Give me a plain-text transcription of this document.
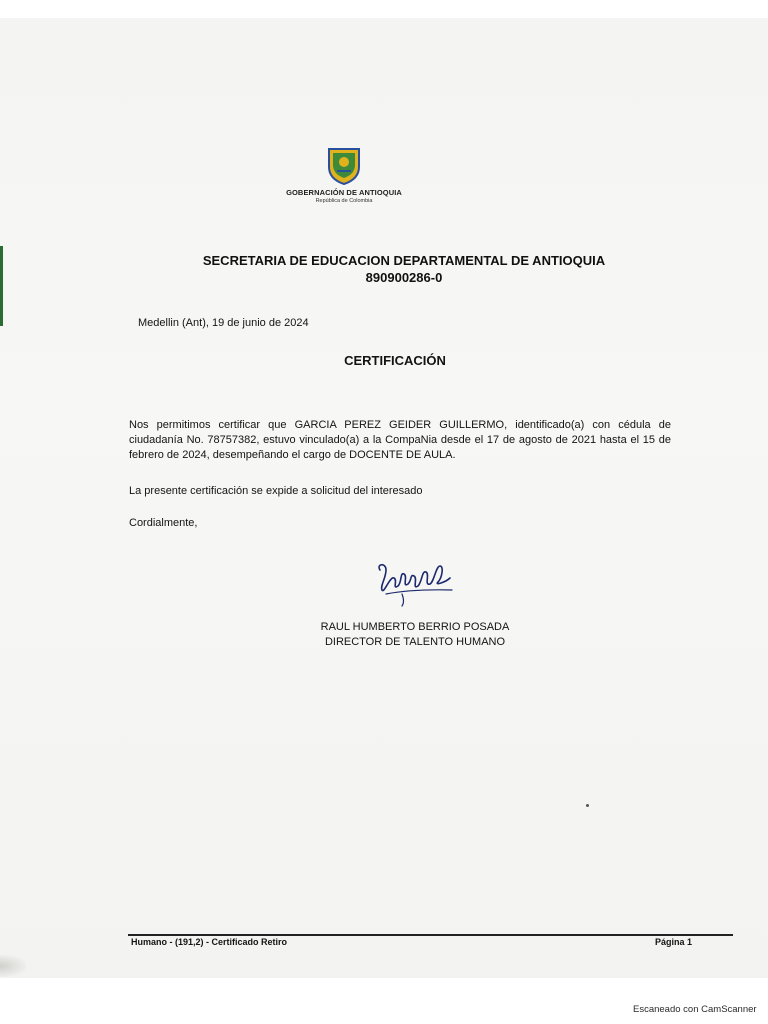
GOBERNACIÓN DE ANTIOQUIA
República de Colombia
SECRETARIA DE EDUCACION DEPARTAMENTAL DE ANTIOQUIA
890900286-0
Medellin (Ant), 19 de junio de 2024
CERTIFICACIÓN
Nos permitimos certificar que GARCIA PEREZ GEIDER GUILLERMO, identificado(a) con cédula de ciudadanía No. 78757382, estuvo vinculado(a) a la CompaNia desde el 17 de agosto de 2021 hasta el 15 de febrero de 2024, desempeñando el cargo de DOCENTE DE AULA.
La presente certificación se expide a solicitud del interesado
Cordialmente,
RAUL HUMBERTO BERRIO POSADA
DIRECTOR DE TALENTO HUMANO
Humano - (191,2) - Certificado Retiro	Página 1
Escaneado con CamScanner
